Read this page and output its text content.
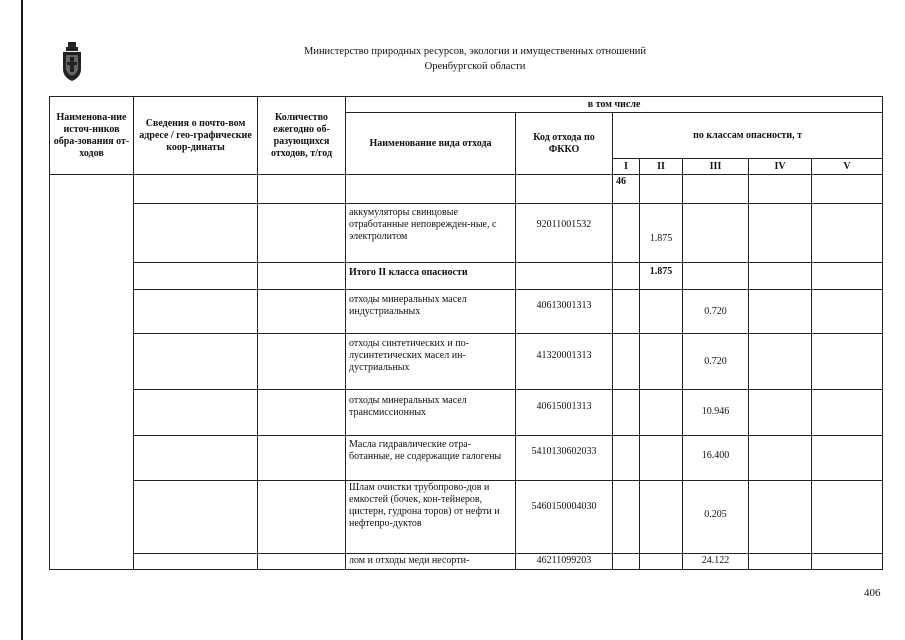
Министерство природных ресурсов, экологии и имущественных отношений
Оренбургской области
Наименова-ние источ-ников обра-зования от-ходов	Сведения о почто-вом адресе / гео-графические коор-динаты	Количество ежегодно об-разующихся отходов, т/год	в том числе						
			Наименование вида отхода	Код отхода по ФККО	по классам опасности, т				
					I	II	III	IV	V
					46				
			аккумуляторы свинцовые отработанные неповрежден-ные, с электролитом	92011001532		1.875			
			Итого II класса опасности			1.875			
			отходы минеральных масел индустриальных	40613001313			0.720		
			отходы синтетических и по-лусинтетических масел ин-дустриальных	41320001313			0.720		
			отходы минеральных масел трансмиссионных	40615001313			10.946		
			Масла гидравлические отра-ботанные, не содержащие галогены	5410130602033			16.400		
			Шлам очистки трубопрово-дов и емкостей (бочек, кон-тейнеров, цистерн, гудрона торов) от нефти и нефтепро-дуктов	5460150004030			0.205		
			лом и отходы меди несорти-	46211099203			24.122		
406
